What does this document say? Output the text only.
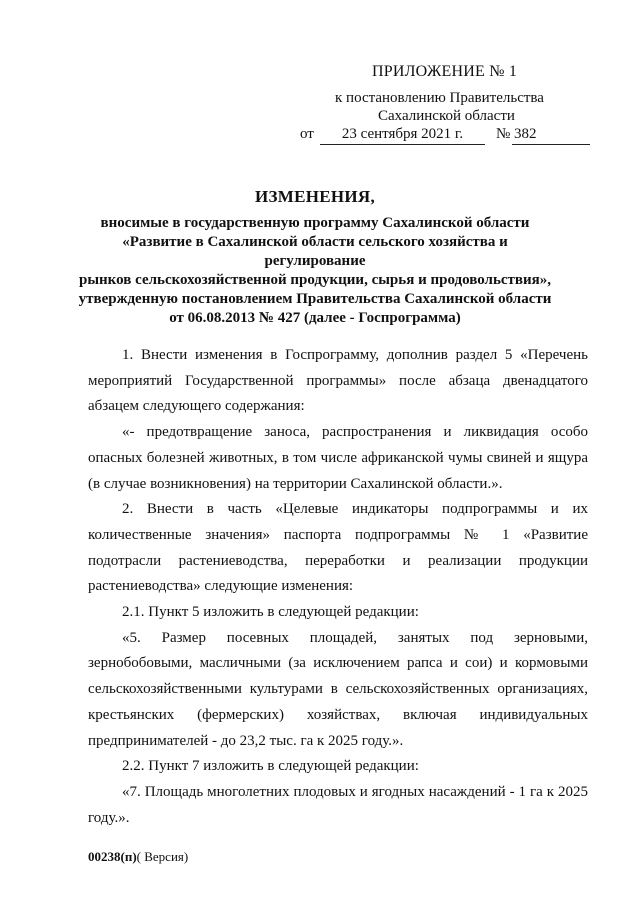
ПРИЛОЖЕНИЕ № 1
к постановлению Правительства
Сахалинской области
от	23 сентября 2021 г.	№ 382
ИЗМЕНЕНИЯ,
вносимые в государственную программу Сахалинской области
«Развитие в Сахалинской области сельского хозяйства и регулирование
рынков сельскохозяйственной продукции, сырья и продовольствия»,
утвержденную постановлением Правительства Сахалинской области
от 06.08.2013 № 427 (далее - Госпрограмма)

1. Внести изменения в Госпрограмму, дополнив раздел 5 «Перечень мероприятий Государственной программы» после абзаца двенадцатого абзацем следующего содержания:

«- предотвращение заноса, распространения и ликвидация особо опасных болезней животных, в том числе африканской чумы свиней и ящура (в случае возникновения) на территории Сахалинской области.».

2. Внести в часть «Целевые индикаторы подпрограммы и их количественные значения» паспорта подпрограммы № 1 «Развитие подотрасли растениеводства, переработки и реализации продукции растениеводства» следующие изменения:

2.1. Пункт 5 изложить в следующей редакции:

«5. Размер посевных площадей, занятых под зерновыми, зернобобовыми, масличными (за исключением рапса и сои) и кормовыми сельскохозяйственными культурами в сельскохозяйственных организациях, крестьянских (фермерских) хозяйствах, включая индивидуальных предпринимателей - до 23,2 тыс. га к 2025 году.».

2.2. Пункт 7 изложить в следующей редакции:

«7. Площадь многолетних плодовых и ягодных насаждений - 1 га к 2025 году.».

00238(п)( Версия)
